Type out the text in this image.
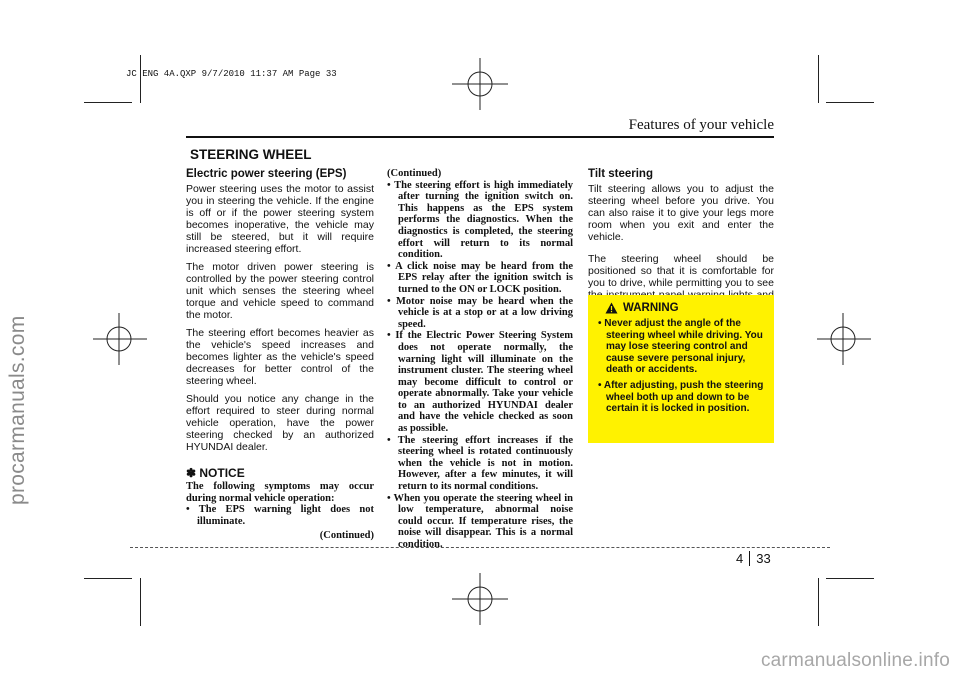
procarmanuals.com
carmanualsonline.info
JC ENG 4A.QXP 9/7/2010 11:37 AM Page 33
Features of your vehicle
STEERING WHEEL
Electric power steering (EPS)

Power steering uses the motor to assist you in steering the vehicle. If the engine is off or if the power steering system becomes inoperative, the vehicle may still be steered, but it will require increased steering effort.

The motor driven power steering is controlled by the power steering control unit which senses the steering wheel torque and vehicle speed to command the motor.

The steering effort becomes heavier as the vehicle's speed increases and becomes lighter as the vehicle's speed decreases for better control of the steering wheel.

Should you notice any change in the effort required to steer during normal vehicle operation, have the power steering checked by an authorized HYUNDAI dealer.

✽ NOTICE
The following symptoms may occur during normal vehicle operation:
• The EPS warning light does not illuminate.
(Continued)
(Continued)
• The steering effort is high immediately after turning the ignition switch on. This happens as the EPS system performs the diagnostics. When the diagnostics is completed, the steering effort will return to its normal condition.
• A click noise may be heard from the EPS relay after the ignition switch is turned to the ON or LOCK position.
• Motor noise may be heard when the vehicle is at a stop or at a low driving speed.
• If the Electric Power Steering System does not operate normally, the warning light will illuminate on the instrument cluster. The steering wheel may become difficult to control or operate abnormally. Take your vehicle to an authorized HYUNDAI dealer and have the vehicle checked as soon as possible.
• The steering effort increases if the steering wheel is rotated continuously when the vehicle is not in motion. However, after a few minutes, it will return to its normal conditions.
• When you operate the steering wheel in low temperature, abnormal noise could occur. If temperature rises, the noise will disappear. This is a normal condition.
Tilt steering

Tilt steering allows you to adjust the steering wheel before you drive. You can also raise it to give your legs more room when you exit and enter the vehicle.

The steering wheel should be positioned so that it is comfortable for you to drive, while permitting you to see

WARNING
• Never adjust the angle of the steering wheel while driving. You may lose steering control and cause severe personal injury, death or accidents.
• After adjusting, push the steering wheel both up and down to be certain it is locked in position.
4	33
